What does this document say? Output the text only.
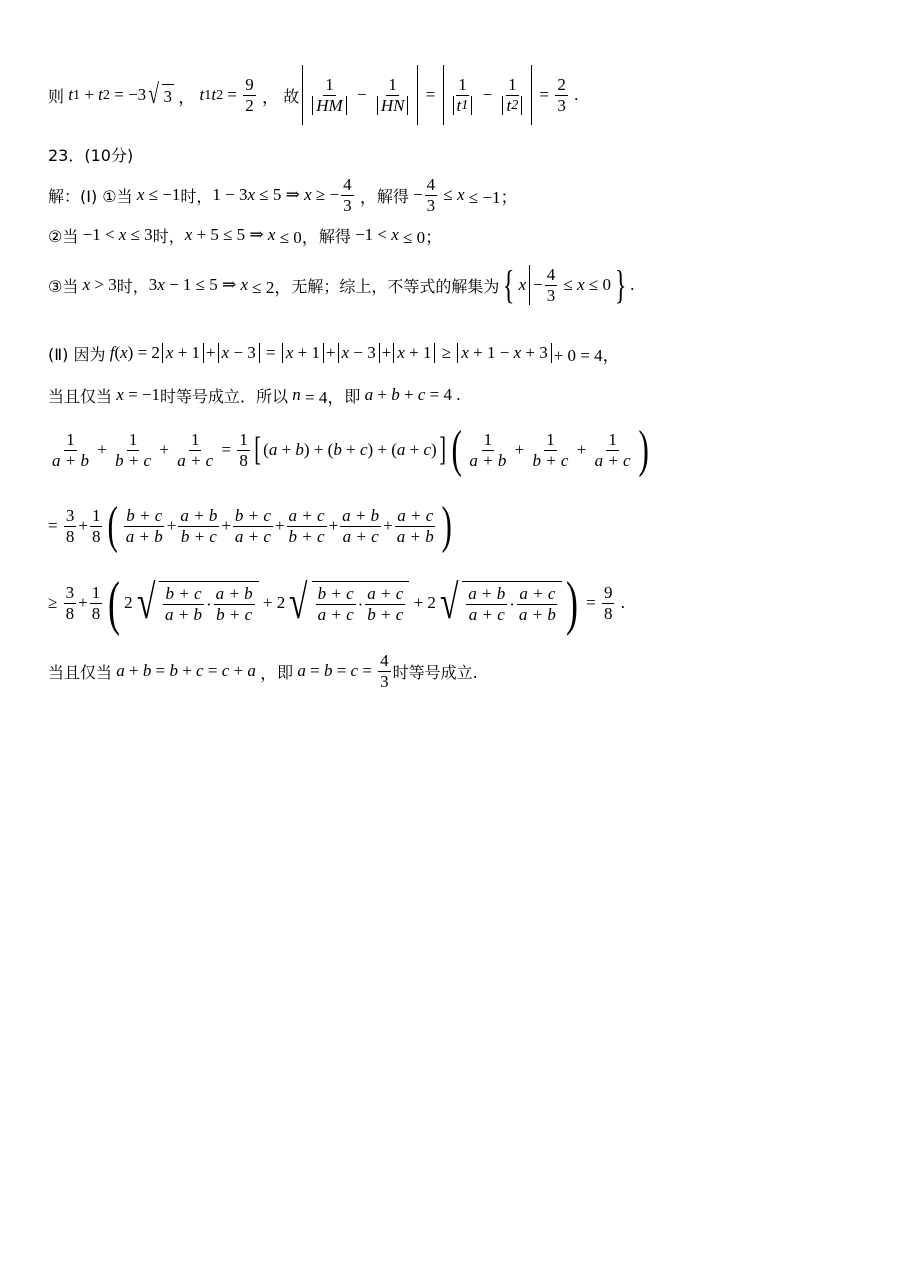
则 t 1 + t 2 = −3 √ 3 ， t 1 t $2 = \frac{9}{2}$ ， 故 $\frac{1}{HM} - \frac{1}{HN} = \frac{1}{t 1} - \frac{1}{t 2} = \frac{2}{3}$ .
23．(10分)
解：(Ⅰ) ①当 x ≤ −1 时， 1 − 3 x ≤ 5 ⇒ x ≥ − $\frac{4}{3}$ ， 解得 − $\frac{4}{3} \le x \le -1$；
②当 −1 < x ≤ 3 时， x + 5 ≤ 5 ⇒ x ≤ 0， 解得 −1 < x ≤ 0；
③当 x > 3 时， 3 x − 1 ≤ 5 ⇒ x ≤ 2， 无解；综上，不等式的解集为 { $x - \frac{4}{3} \le x \le 0$ } .
(Ⅱ) 因为 f ( x ) = 2 x + 1 + x − 3 = x + 1 + x − 3 + x + 1 ≥ x + 1 − x + 3 + 0 = 4，
当且仅当 x = −1 时等号成立．所以 n = 4， 即 a + b + c = 4 .
$\frac{1}{a + b} + \frac{1}{b + c} + \frac{1}{a + c} = \frac{1}{8}$ [ (a + b) + (b + c) + (a + c) ] ( $\frac{1}{a + b} + \frac{1}{b + c} + \frac{1}{a + c}$ )
= $\frac{3}{8} + \frac{1}{8}$ ( $\frac{b + c}{a + b} + \frac{a + b}{b + c} + \frac{b + c}{a + c} + \frac{a + c}{b + c} + \frac{a + b}{a + c} + \frac{a + c}{a + b}$ )
≥ $\frac{3}{8} + \frac{1}{8}$ ( 2 √ $\frac{b + c}{a + b} \cdot \frac{a + b}{b + c} + 2$ √ $\frac{b + c}{a + c} \cdot \frac{a + c}{b + c} + 2$ √ $\frac{a + b}{a + c} \cdot \frac{a + c}{a + b}$ ) = $\frac{9}{8}$ .
当且仅当 a + b = b + c = c + a ， 即 $a = b = c = \frac{4}{3}$ 时等号成立.
